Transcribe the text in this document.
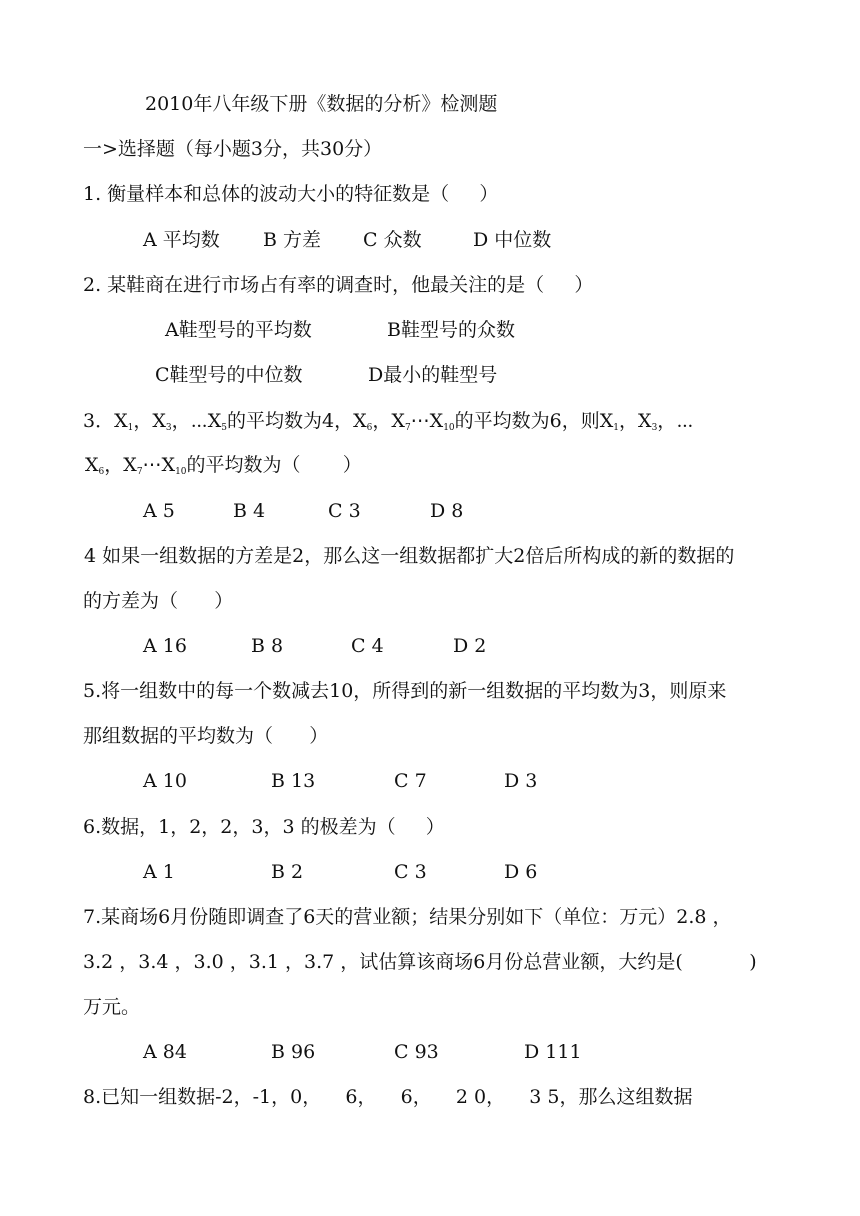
2010年八年级下册《数据的分析》检测题
一>选择题（每小题3分，共30分）
1. 衡量样本和总体的波动大小的特征数是（     ）
A 平均数 B 方差 C 众数	D 中位数
2. 某鞋商在进行市场占有率的调查时，他最关注的是（     ）
A鞋型号的平均数	B鞋型号的众数
C鞋型号的中位数	D最小的鞋型号
3．$X_1$，$X_3$，$\cdots X_5$的平均数为4，$X_6$，$X_7\cdots X_{10}$的平均数为6，则$X_1$，$X_3$，⋯
$X_6$，$X_7\cdots X_{10}$的平均数为（       ）
A 5	B 4	C 3	D 8
4 如果一组数据的方差是2，那么这一组数据都扩大2倍后所构成的新的数据的
的方差为（      ）
A 16	B 8	C 4	D 2
5.将一组数中的每一个数减去10，所得到的新一组数据的平均数为3，则原来
那组数据的平均数为（      ）
A 10	B 13	C 7	D 3
6.数据，1，2，2，3，3 的极差为（     ）
A 1	B 2	C 3	D 6
7.某商场6月份随即调查了6天的营业额；结果分别如下（单位：万元）2.8 ，
3.2 ，3.4 ，3.0 ，3.1 ，3.7 ，试估算该商场6月份总营业额，大约是(           )
万元。
A 84	B 96	C 93	D 111
8.已知一组数据-2，-1，0，    6，    6，    2 0，    3 5，那么这组数据
